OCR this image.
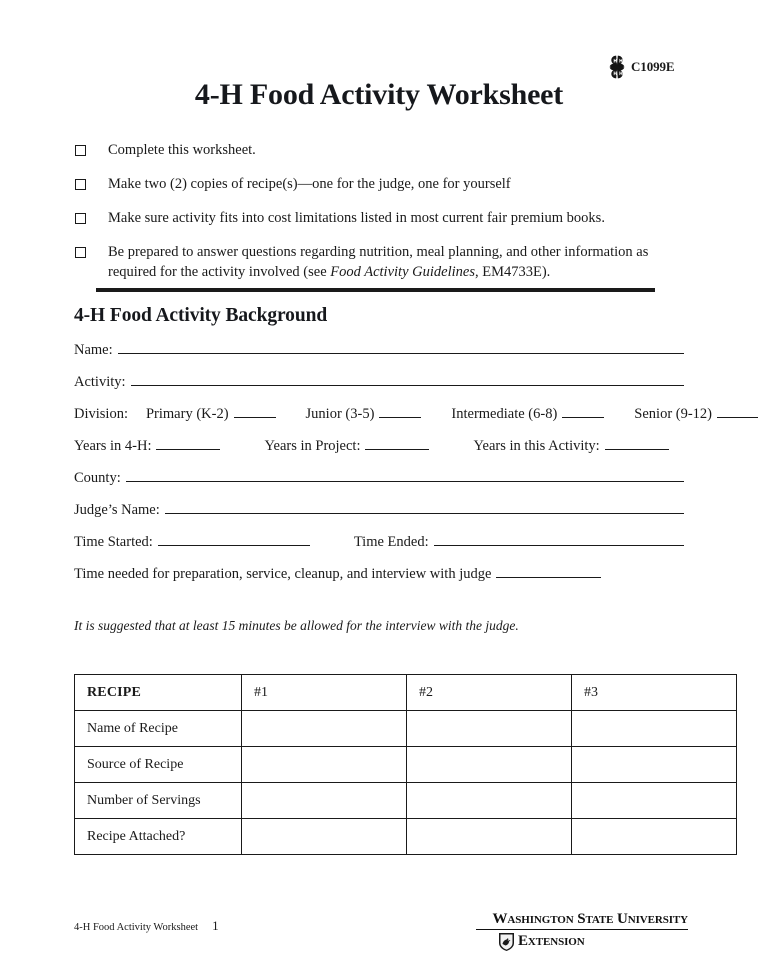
C1099E
4-H Food Activity Worksheet
Complete this worksheet.
Make two (2) copies of recipe(s)—one for the judge, one for yourself
Make sure activity fits into cost limitations listed in most current fair premium books.
Be prepared to answer questions regarding nutrition, meal planning, and other information as required for the activity involved (see Food Activity Guidelines, EM4733E).
4-H Food Activity Background
Name:
Activity:
Division: Primary (K-2)	Junior (3-5)	Intermediate (6-8)	Senior (9-12)
Years in 4-H:	Years in Project:	Years in this Activity:
County:
Judge’s Name:
Time Started:	Time Ended:
Time needed for preparation, service, cleanup, and interview with judge
It is suggested that at least 15 minutes be allowed for the interview with the judge.
RECIPE	#1	#2	#3
Name of Recipe			
Source of Recipe			
Number of Servings			
Recipe Attached?			
4-H Food Activity Worksheet 1	Washington State University
Extension
